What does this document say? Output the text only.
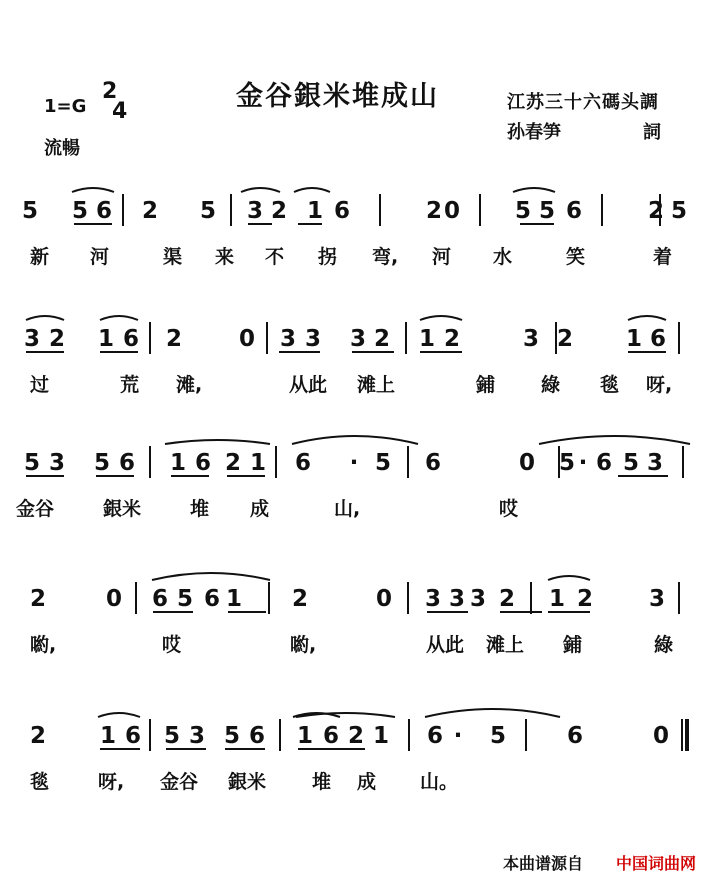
金谷銀米堆成山
1=G
2
4
流暢
江苏三十六碼头調
孙春笋	詞
5 5 6 2 5 3 2 1 6	2 0 5 5 6	2 5
新 河	渠 来 不 拐 弯, 河 水	笑	着
3 2 1 6 2 0 3 3 3 2 1 2	3 2 1 6
过	荒 滩,	从此 滩上	鋪 綠 毯 呀,
5 3 5 6 1 6 2 1 6 · 5 6	0 5 · 6 5 3
金谷	銀米	堆 成	山,	哎
2	0 6 5 6 1 2	0 3 3 3 2 1 2 3
喲,	哎	喲,	从此 滩上 鋪	綠
2 1 6 5 3 5 6 1 6 2 1 6 · 5	6	0
毯	呀, 金谷 銀米 堆 成 山。
本曲谱源自 中国词曲网
